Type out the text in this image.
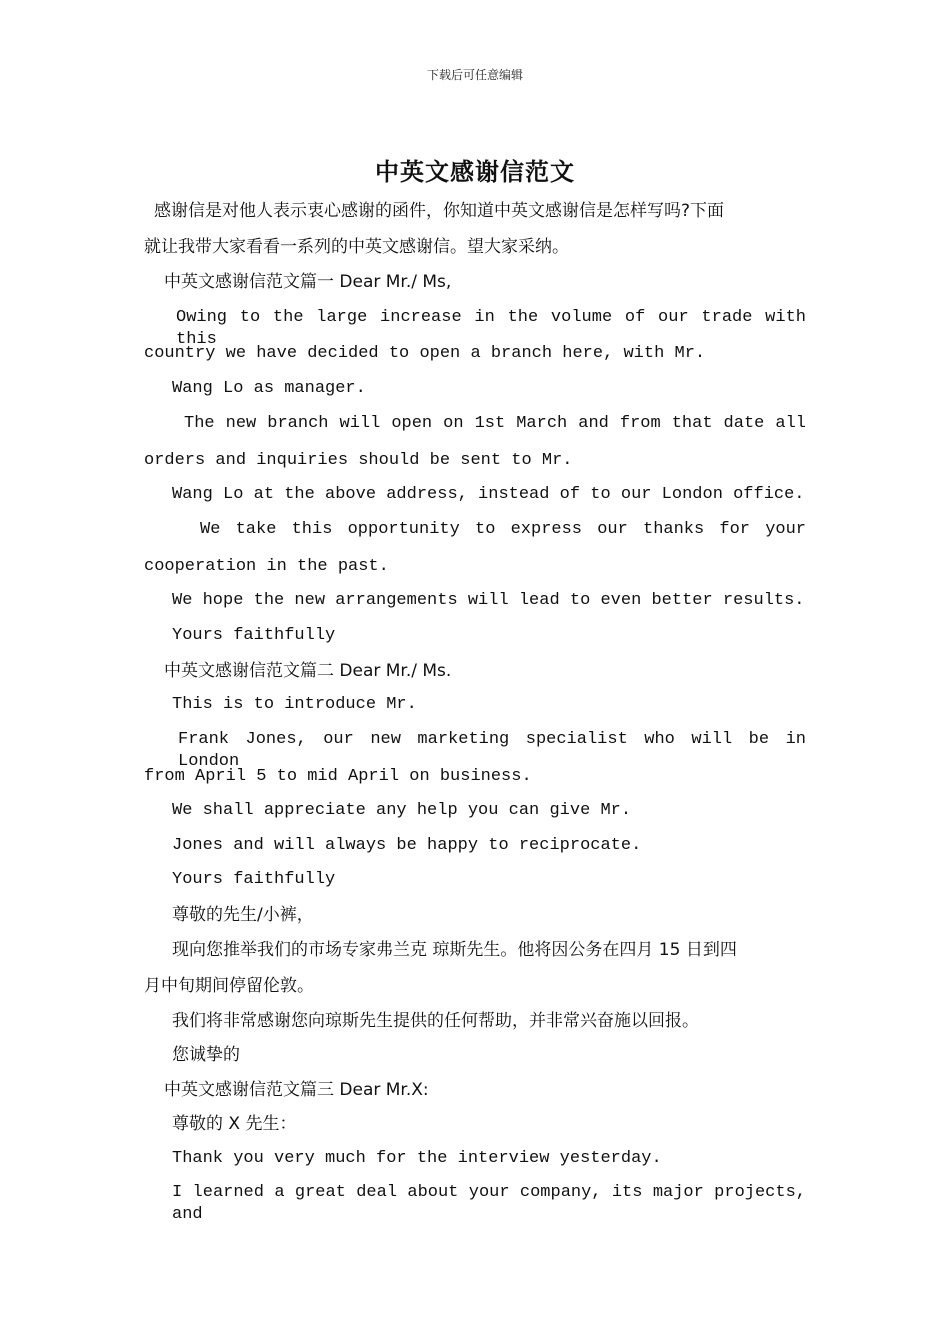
下载后可任意编辑
中英文感谢信范文
感谢信是对他人表示衷心感谢的函件，你知道中英文感谢信是怎样写吗?下面
就让我带大家看看一系列的中英文感谢信。望大家采纳。
中英文感谢信范文篇一 Dear Mr./ Ms,
Owing to the large increase in the volume of our trade with this
country we have decided to open a branch here, with Mr.
Wang Lo as manager.
The new branch will open on 1st March and from that date all
orders and inquiries should be sent to Mr.
Wang Lo at the above address, instead of to our London office.
We take this opportunity to express our thanks for your
cooperation in the past.
We hope the new arrangements will lead to even better results.
Yours faithfully
中英文感谢信范文篇二 Dear Mr./ Ms.
This is to introduce Mr.
Frank Jones, our new marketing specialist who will be in London
from April 5 to mid April on business.
We shall appreciate any help you can give Mr.
Jones and will always be happy to reciprocate.
Yours faithfully
尊敬的先生/小裤，
现向您推举我们的市场专家弗兰克 琼斯先生。他将因公务在四月 15 日到四
月中旬期间停留伦敦。
我们将非常感谢您向琼斯先生提供的任何帮助，并非常兴奋施以回报。
您诚挚的
中英文感谢信范文篇三 Dear Mr.X:
尊敬的 X 先生：
Thank you very much for the interview yesterday.
I learned a great deal about your company, its major projects, and
